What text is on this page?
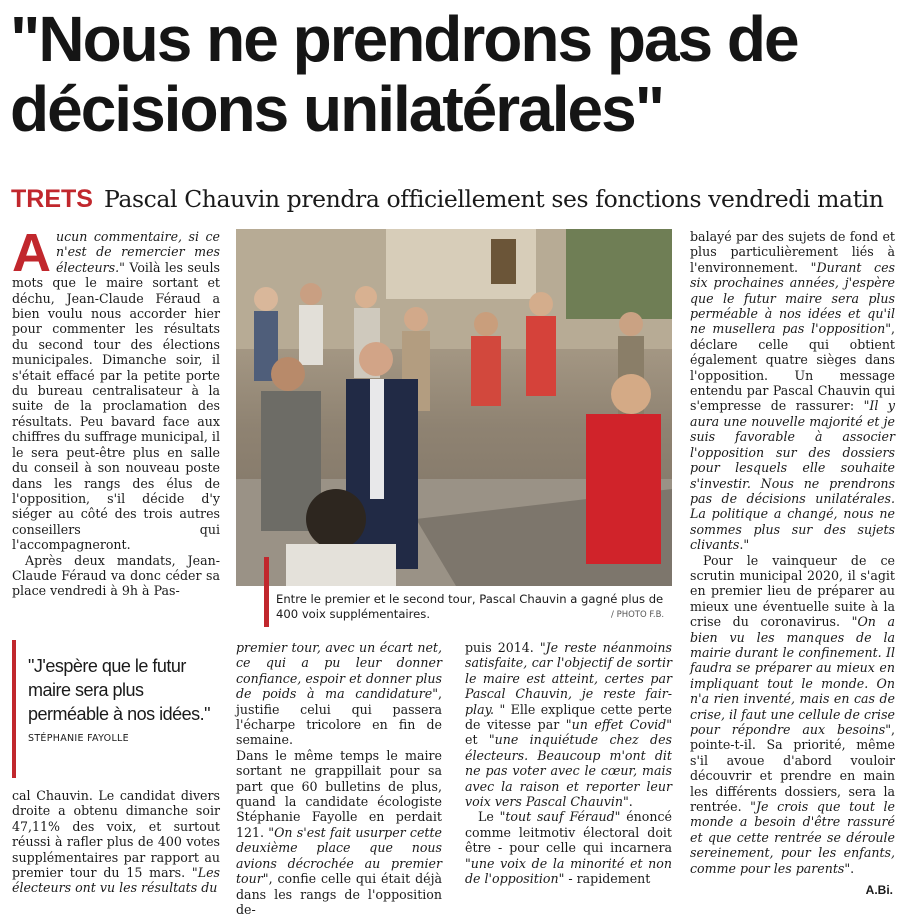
"Nous ne prendrons pas de décisions unilatérales"
TRETS Pascal Chauvin prendra officiellement ses fonctions vendredi matin

Aucun commentaire, si ce n'est de remercier mes électeurs." Voilà les seuls mots que le maire sortant et déchu, Jean-Claude Féraud a bien voulu nous accorder hier pour commenter les résultats du second tour des élections municipales. Dimanche soir, il s'était effacé par la petite porte du bureau centralisateur à la suite de la proclamation des résultats. Peu bavard face aux chiffres du suffrage municipal, il le sera peut-être plus en salle du conseil à son nouveau poste dans les rangs des élus de l'opposition, s'il décide d'y siéger au côté des trois autres conseillers qui l'accompagneront.

Après deux mandats, Jean-Claude Féraud va donc céder sa place vendredi à 9h à Pas-

"J'espère que le futur maire sera plus perméable à nos idées."
STÉPHANIE FAYOLLE

cal Chauvin. Le candidat divers droite a obtenu dimanche soir 47,11% des voix, et surtout réussi à rafler plus de 400 votes supplémentaires par rapport au premier tour du 15 mars. "Les électeurs ont vu les résultats du

Entre le premier et le second tour, Pascal Chauvin a gagné plus de 400 voix supplémentaires.	/ PHOTO F.B.

premier tour, avec un écart net, ce qui a pu leur donner confiance, espoir et donner plus de poids à ma candidature", justifie celui qui passera l'écharpe tricolore en fin de semaine.

Dans le même temps le maire sortant ne grappillait pour sa part que 60 bulletins de plus, quand la candidate écologiste Stéphanie Fayolle en perdait 121. "On s'est fait usurper cette deuxième place que nous avions décrochée au premier tour", confie celle qui était déjà dans les rangs de l'opposition de-

puis 2014. "Je reste néanmoins satisfaite, car l'objectif de sortir le maire est atteint, certes par Pascal Chauvin, je reste fair-play. " Elle explique cette perte de vitesse par "un effet Covid" et "une inquiétude chez des électeurs. Beaucoup m'ont dit ne pas voter avec le cœur, mais avec la raison et reporter leur voix vers Pascal Chauvin".

Le "tout sauf Féraud" énoncé comme leitmotiv électoral doit être - pour celle qui incarnera "une voix de la minorité et non de l'opposition" - rapidement

balayé par des sujets de fond et plus particulièrement liés à l'environnement. "Durant ces six prochaines années, j'espère que le futur maire sera plus perméable à nos idées et qu'il ne musellera pas l'opposition", déclare celle qui obtient également quatre sièges dans l'opposition. Un message entendu par Pascal Chauvin qui s'empresse de rassurer: "Il y aura une nouvelle majorité et je suis favorable à associer l'opposition sur des dossiers pour lesquels elle souhaite s'investir. Nous ne prendrons pas de décisions unilatérales. La politique a changé, nous ne sommes plus sur des sujets clivants."

Pour le vainqueur de ce scrutin municipal 2020, il s'agit en premier lieu de préparer au mieux une éventuelle suite à la crise du coronavirus. "On a bien vu les manques de la mairie durant le confinement. Il faudra se préparer au mieux en impliquant tout le monde. On n'a rien inventé, mais en cas de crise, il faut une cellule de crise pour répondre aux besoins", pointe-t-il. Sa priorité, même s'il avoue d'abord vouloir découvrir et prendre en main les différents dossiers, sera la rentrée. "Je crois que tout le monde a besoin d'être rassuré et que cette rentrée se déroule sereinement, pour les enfants, comme pour les parents".

A.Bi.
